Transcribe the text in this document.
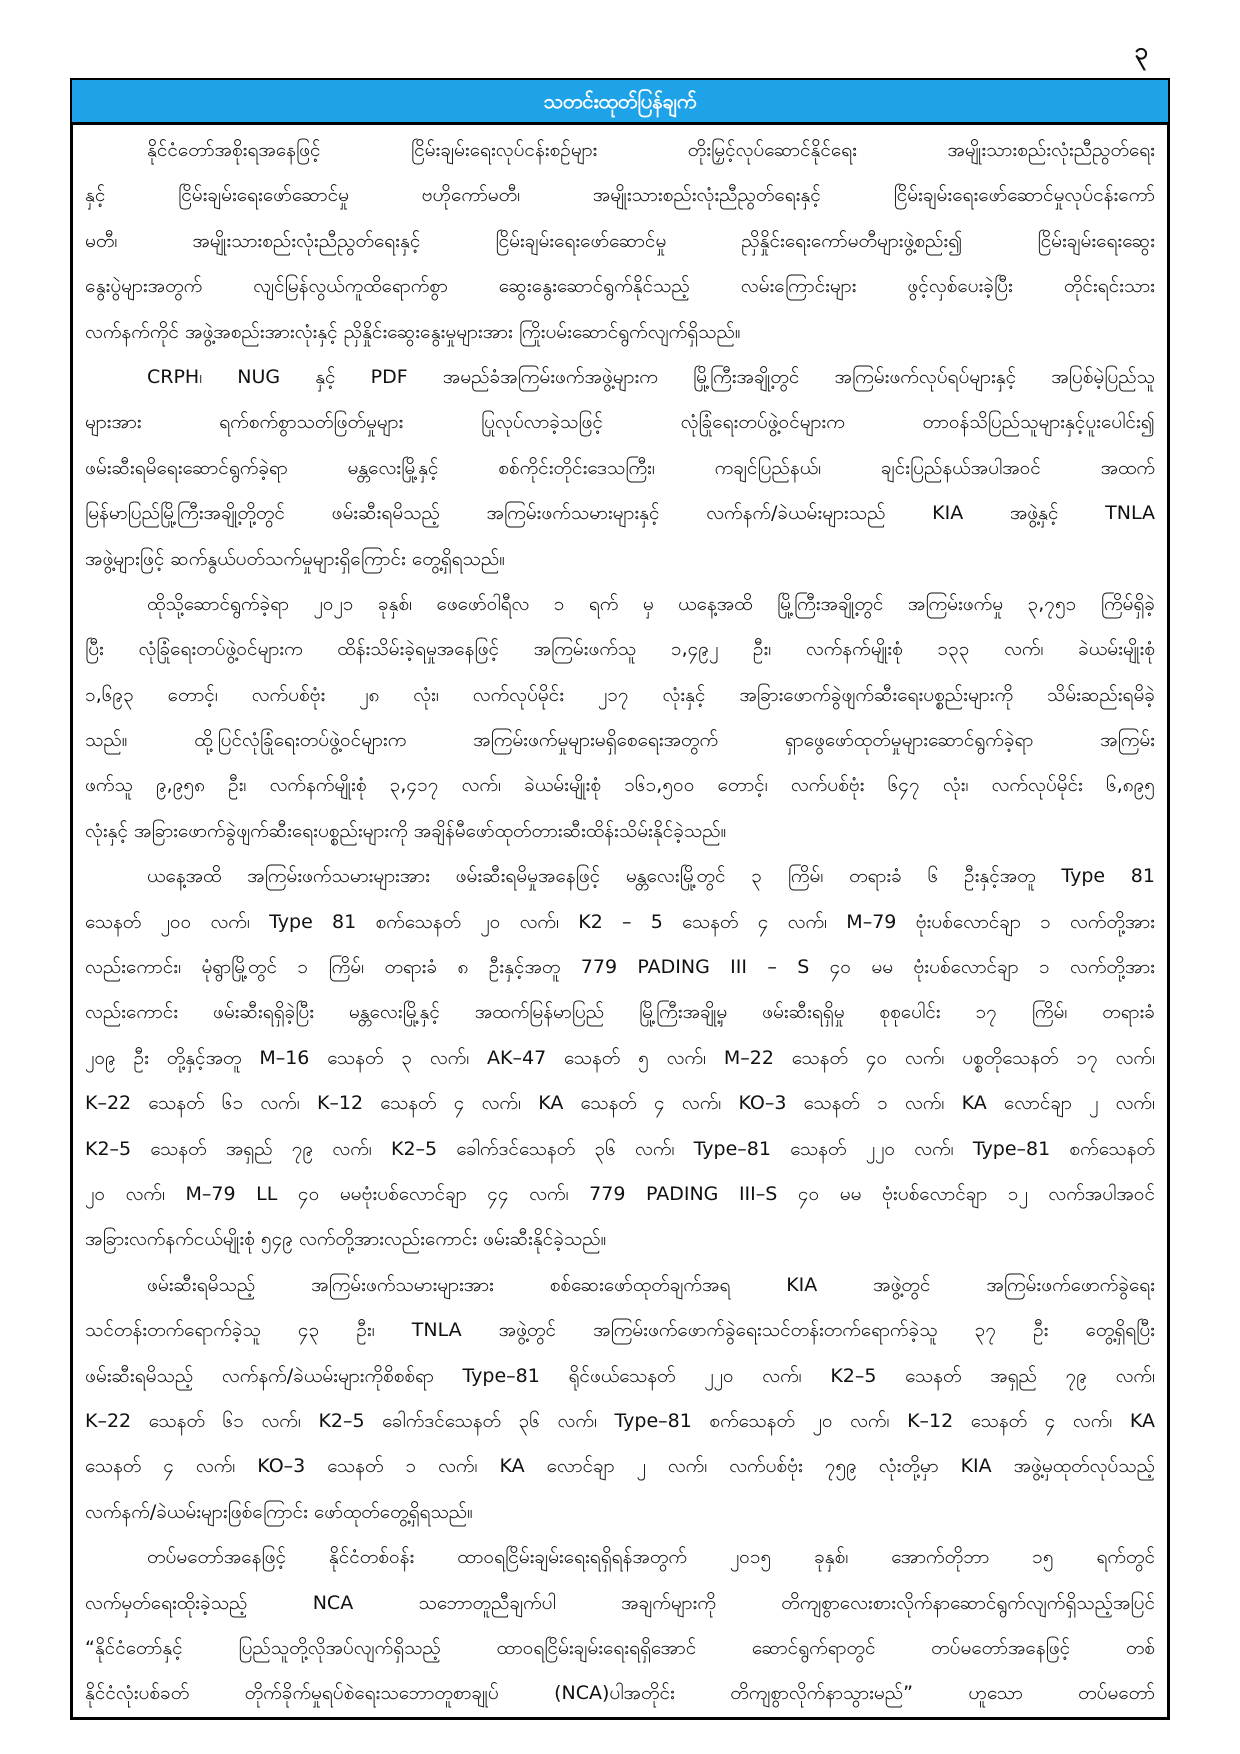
၃
သတင်းထုတ်ပြန်ချက်
နိုင်ငံတော်အစိုးရအနေဖြင့် ငြိမ်းချမ်းရေးလုပ်ငန်းစဉ်များ တိုးမြှင့်လုပ်ဆောင်နိုင်ရေး အမျိုးသားစည်းလုံးညီညွတ်ရေး
နှင့် ငြိမ်းချမ်းရေးဖော်ဆောင်မှု ဗဟိုကော်မတီ၊ အမျိုးသားစည်းလုံးညီညွတ်ရေးနှင့် ငြိမ်းချမ်းရေးဖော်ဆောင်မှုလုပ်ငန်းကော်
မတီ၊ အမျိုးသားစည်းလုံးညီညွတ်ရေးနှင့် ငြိမ်းချမ်းရေးဖော်ဆောင်မှု ညှိနှိုင်းရေးကော်မတီများဖွဲ့စည်း၍ ငြိမ်းချမ်းရေးဆွေး
နွေးပွဲများအတွက် လျင်မြန်လွယ်ကူထိရောက်စွာ ဆွေးနွေးဆောင်ရွက်နိုင်သည့် လမ်းကြောင်းများ ဖွင့်လှစ်ပေးခဲ့ပြီး တိုင်းရင်းသား
လက်နက်ကိုင် အဖွဲ့အစည်းအားလုံးနှင့် ညှိနှိုင်းဆွေးနွေးမှုများအား ကြိုးပမ်းဆောင်ရွက်လျက်ရှိသည်။
CRPH၊ NUG နှင့် PDF အမည်ခံအကြမ်းဖက်အဖွဲ့များက မြို့ကြီးအချို့တွင် အကြမ်းဖက်လုပ်ရပ်များနှင့် အပြစ်မဲ့ပြည်သူ
များအား ရက်စက်စွာသတ်ဖြတ်မှုများ ပြုလုပ်လာခဲ့သဖြင့် လုံခြုံရေးတပ်ဖွဲ့ဝင်များက တာဝန်သိပြည်သူများနှင့်ပူးပေါင်း၍
ဖမ်းဆီးရမိရေးဆောင်ရွက်ခဲ့ရာ မန္တလေးမြို့နှင့် စစ်ကိုင်းတိုင်းဒေသကြီး၊ ကချင်ပြည်နယ်၊ ချင်းပြည်နယ်အပါအဝင် အထက်
မြန်မာပြည်မြို့ကြီးအချို့တို့တွင် ဖမ်းဆီးရမိသည့် အကြမ်းဖက်သမားများနှင့် လက်နက်/ခဲယမ်းများသည် KIA အဖွဲ့နှင့် TNLA
အဖွဲ့များဖြင့် ဆက်နွယ်ပတ်သက်မှုများရှိကြောင်း တွေ့ရှိရသည်။
ထိုသို့ဆောင်ရွက်ခဲ့ရာ ၂၀၂၁ ခုနှစ်၊ ဖေဖော်ဝါရီလ ၁ ရက် မှ ယနေ့အထိ မြို့ကြီးအချို့တွင် အကြမ်းဖက်မှု ၃,၇၅၁ ကြိမ်ရှိခဲ့
ပြီး လုံခြုံရေးတပ်ဖွဲ့ဝင်များက ထိန်းသိမ်းခဲ့ရမှုအနေဖြင့် အကြမ်းဖက်သူ ၁,၄၉၂ ဦး၊ လက်နက်မျိုးစုံ ၁၃၃ လက်၊ ခဲယမ်းမျိုးစုံ
၁,၆၉၃ တောင့်၊ လက်ပစ်ဗုံး ၂၈ လုံး၊ လက်လုပ်မိုင်း ၂၁၇ လုံးနှင့် အခြားဖောက်ခွဲဖျက်ဆီးရေးပစ္စည်းများကို သိမ်းဆည်းရမိခဲ့
သည်။ ထို့ပြင်လုံခြုံရေးတပ်ဖွဲ့ဝင်များက အကြမ်းဖက်မှုများမရှိစေရေးအတွက် ရှာဖွေဖော်ထုတ်မှုများဆောင်ရွက်ခဲ့ရာ အကြမ်း
ဖက်သူ ၉,၉၅၈ ဦး၊ လက်နက်မျိုးစုံ ၃,၄၁၇ လက်၊ ခဲယမ်းမျိုးစုံ ၁၆၁,၅၀၀ တောင့်၊ လက်ပစ်ဗုံး ၆၄၇ လုံး၊ လက်လုပ်မိုင်း ၆,၈၉၅
လုံးနှင့် အခြားဖောက်ခွဲဖျက်ဆီးရေးပစ္စည်းများကို အချိန်မီဖော်ထုတ်တားဆီးထိန်းသိမ်းနိုင်ခဲ့သည်။
ယနေ့အထိ အကြမ်းဖက်သမားများအား ဖမ်းဆီးရမိမှုအနေဖြင့် မန္တလေးမြို့တွင် ၃ ကြိမ်၊ တရားခံ ၆ ဦးနှင့်အတူ Type 81
သေနတ် ၂၀၀ လက်၊ Type 81 စက်သေနတ် ၂၀ လက်၊ K2 – 5 သေနတ် ၄ လက်၊ M–79 ဗုံးပစ်လောင်ချာ ၁ လက်တို့အား
လည်းကောင်း၊ မုံရွာမြို့တွင် ၁ ကြိမ်၊ တရားခံ ၈ ဦးနှင့်အတူ 779 PADING III – S ၄၀ မမ ဗုံးပစ်လောင်ချာ ၁ လက်တို့အား
လည်းကောင်း ဖမ်းဆီးရရှိခဲ့ပြီး မန္တလေးမြို့နှင့် အထက်မြန်မာပြည် မြို့ကြီးအချို့မှ ဖမ်းဆီးရရှိမှု စုစုပေါင်း ၁၇ ကြိမ်၊ တရားခံ
၂၀၉ ဦး တို့နှင့်အတူ M–16 သေနတ် ၃ လက်၊ AK–47 သေနတ် ၅ လက်၊ M–22 သေနတ် ၄၀ လက်၊ ပစ္စတိုသေနတ် ၁၇ လက်၊
K–22 သေနတ် ၆၁ လက်၊ K–12 သေနတ် ၄ လက်၊ KA သေနတ် ၄ လက်၊ KO–3 သေနတ် ၁ လက်၊ KA လောင်ချာ ၂ လက်၊
K2–5 သေနတ် အရှည် ၇၉ လက်၊ K2–5 ခေါက်ဒင်သေနတ် ၃၆ လက်၊ Type–81 သေနတ် ၂၂၀ လက်၊ Type–81 စက်သေနတ်
၂၀ လက်၊ M–79 LL ၄၀ မမဗုံးပစ်လောင်ချာ ၄၄ လက်၊ 779 PADING III–S ၄၀ မမ ဗုံးပစ်လောင်ချာ ၁၂ လက်အပါအဝင်
အခြားလက်နက်ငယ်မျိုးစုံ ၅၄၉ လက်တို့အားလည်းကောင်း ဖမ်းဆီးနိုင်ခဲ့သည်။
ဖမ်းဆီးရမိသည့် အကြမ်းဖက်သမားများအား စစ်ဆေးဖော်ထုတ်ချက်အရ KIA အဖွဲ့တွင် အကြမ်းဖက်ဖောက်ခွဲရေး
သင်တန်းတက်ရောက်ခဲ့သူ ၄၃ ဦး၊ TNLA အဖွဲ့တွင် အကြမ်းဖက်ဖောက်ခွဲရေးသင်တန်းတက်ရောက်ခဲ့သူ ၃၇ ဦး တွေ့ရှိရပြီး
ဖမ်းဆီးရမိသည့် လက်နက်/ခဲယမ်းများကိုစိစစ်ရာ Type–81 ရိုင်ဖယ်သေနတ် ၂၂၀ လက်၊ K2–5 သေနတ် အရှည် ၇၉ လက်၊
K–22 သေနတ် ၆၁ လက်၊ K2–5 ခေါက်ဒင်သေနတ် ၃၆ လက်၊ Type–81 စက်သေနတ် ၂၀ လက်၊ K–12 သေနတ် ၄ လက်၊ KA
သေနတ် ၄ လက်၊ KO–3 သေနတ် ၁ လက်၊ KA လောင်ချာ ၂ လက်၊ လက်ပစ်ဗုံး ၇၅၉ လုံးတို့မှာ KIA အဖွဲ့မှထုတ်လုပ်သည့်
လက်နက်/ခဲယမ်းများဖြစ်ကြောင်း ဖော်ထုတ်တွေ့ရှိရသည်။
တပ်မတော်အနေဖြင့် နိုင်ငံတစ်ဝန်း ထာဝရငြိမ်းချမ်းရေးရရှိရန်အတွက် ၂၀၁၅ ခုနှစ်၊ အောက်တိုဘာ ၁၅ ရက်တွင်
လက်မှတ်ရေးထိုးခဲ့သည့် NCA သဘောတူညီချက်ပါ အချက်များကို တိကျစွာလေးစားလိုက်နာဆောင်ရွက်လျက်ရှိသည့်အပြင်
“နိုင်ငံတော်နှင့် ပြည်သူတို့လိုအပ်လျက်ရှိသည့် ထာဝရငြိမ်းချမ်းရေးရရှိအောင် ဆောင်ရွက်ရာတွင် တပ်မတော်အနေဖြင့် တစ်
နိုင်ငံလုံးပစ်ခတ် တိုက်ခိုက်မှုရပ်စဲရေးသဘောတူစာချုပ် (NCA)ပါအတိုင်း တိကျစွာလိုက်နာသွားမည်” ဟူသော တပ်မတော်
